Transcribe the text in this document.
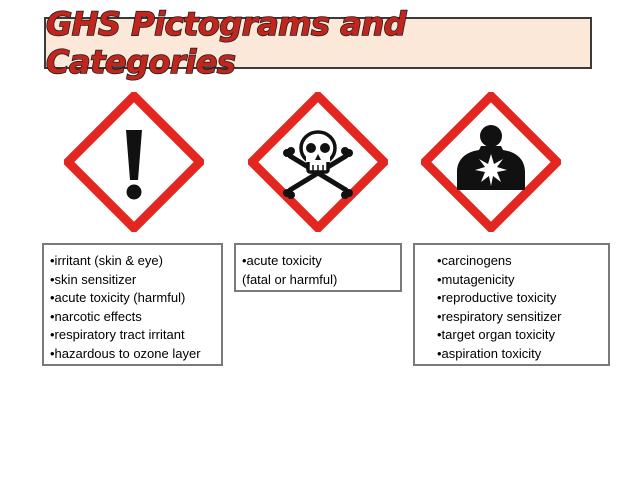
GHS Pictograms and Categories
•irritant (skin & eye)
•skin sensitizer
•acute toxicity (harmful)
•narcotic effects
•respiratory tract irritant
•hazardous to ozone layer
•acute toxicity
(fatal or harmful)
•carcinogens
•mutagenicity
•reproductive toxicity
•respiratory sensitizer
•target organ toxicity
•aspiration toxicity
